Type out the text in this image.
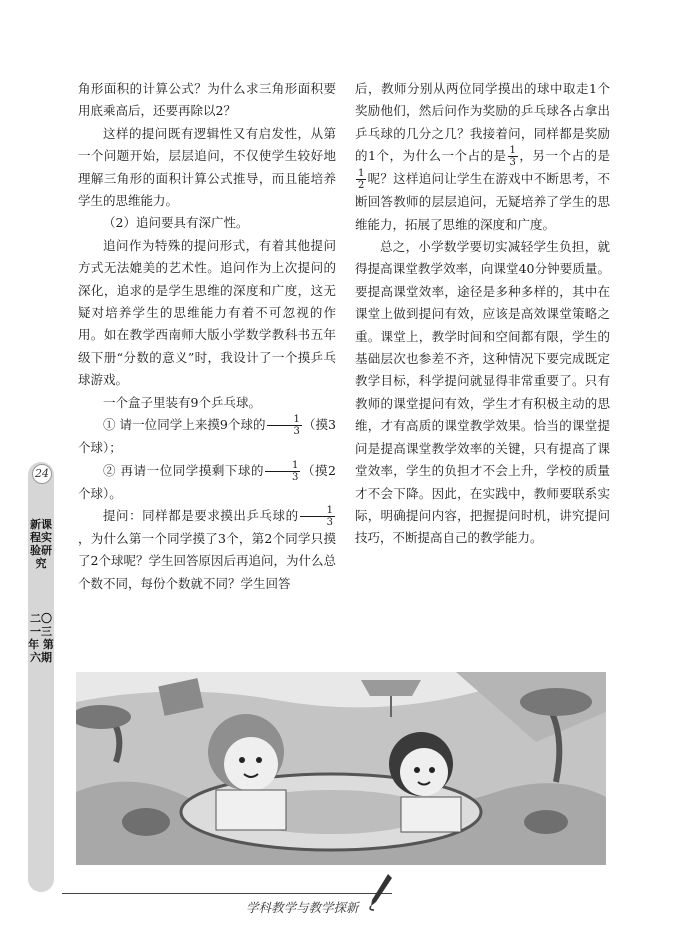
角形面积的计算公式？为什么求三角形面积要用底乘高后，还要再除以2？

这样的提问既有逻辑性又有启发性，从第一个问题开始，层层追问，不仅使学生较好地理解三角形的面积计算公式推导，而且能培养学生的思维能力。

（2）追问要具有深广性。

追问作为特殊的提问形式，有着其他提问方式无法媲美的艺术性。追问作为上次提问的深化，追求的是学生思维的深度和广度，这无疑对培养学生的思维能力有着不可忽视的作用。如在教学西南师大版小学数学教科书五年级下册“分数的意义”时，我设计了一个摸乒乓球游戏。

一个盒子里装有9个乒乓球。

① 请一位同学上来摸9个球的 $\frac{1}{3}$ （摸3个球）；

② 再请一位同学摸剩下球的 $\frac{1}{3}$ （摸2个球）。

提问：同样都是要求摸出乒乓球的 $\frac{1}{3}$
，为什么第一个同学摸了3个，第2个同学只摸了2个球呢？学生回答原因后再追问，为什么总个数不同，每份个数就不同？学生回答

后，教师分别从两位同学摸出的球中取走1个奖励他们，然后问作为奖励的乒乓球各占拿出乒乓球的几分之几？我接着问，同样都是奖励的1个，为什么一个占的是 $\frac{1}{3}$ ，另一个占的是
$\frac{1}{2}$ 呢？这样追问让学生在游戏中不断思考，不断回答教师的层层追问，无疑培养了学生的思维能力，拓展了思维的深度和广度。

总之，小学数学要切实减轻学生负担，就得提高课堂教学效率，向课堂40分钟要质量。要提高课堂效率，途径是多种多样的，其中在课堂上做到提问有效，应该是高效课堂策略之重。课堂上，教学时间和空间都有限，学生的基础层次也参差不齐，这种情况下要完成既定教学目标，科学提问就显得非常重要了。只有教师的课堂提问有效，学生才有积极主动的思维，才有高质的课堂教学效果。恰当的课堂提问是提高课堂教学效率的关键，只有提高了课堂效率，学生的负担才不会上升，学校的质量才不会下降。因此，在实践中，教师要联系实际，明确提问内容，把握提问时机，讲究提问技巧，不断提高自己的教学能力。

24
新课程实验研究
二〇一三年 第六期
学科教学与教学探新
